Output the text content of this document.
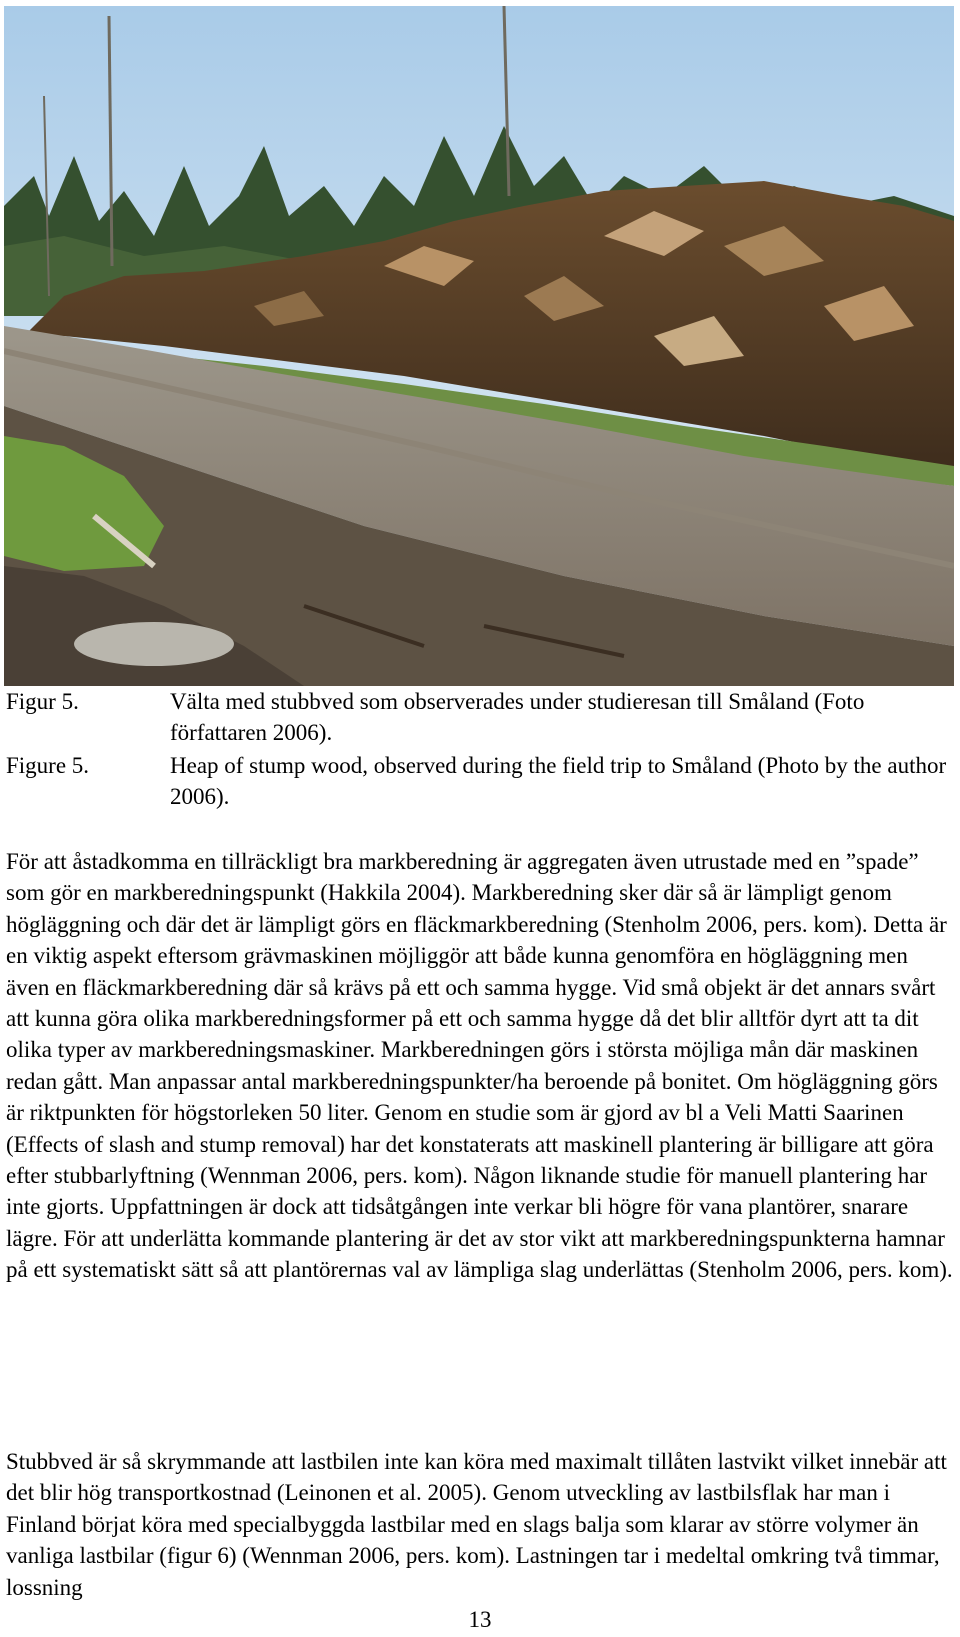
Figur 5.	Välta med stubbved som observerades under studieresan till Småland (Foto författaren 2006).
Figure 5.	Heap of stump wood, observed during the field trip to Småland (Photo by the author 2006).

För att åstadkomma en tillräckligt bra markberedning är aggregaten även utrustade med en ”spade” som gör en markberedningspunkt (Hakkila 2004). Markberedning sker där så är lämpligt genom högläggning och där det är lämpligt görs en fläckmarkberedning (Stenholm 2006, pers. kom). Detta är en viktig aspekt eftersom grävmaskinen möjliggör att både kunna genomföra en högläggning men även en fläckmarkberedning där så krävs på ett och samma hygge. Vid små objekt är det annars svårt att kunna göra olika markberedningsformer på ett och samma hygge då det blir alltför dyrt att ta dit olika typer av markberedningsmaskiner. Markberedningen görs i största möjliga mån där maskinen redan gått. Man anpassar antal markberedningspunkter/ha beroende på bonitet. Om högläggning görs är riktpunkten för högstorleken 50 liter. Genom en studie som är gjord av bl a Veli Matti Saarinen (Effects of slash and stump removal) har det konstaterats att maskinell plantering är billigare att göra efter stubbarlyftning (Wennman 2006, pers. kom). Någon liknande studie för manuell plantering har inte gjorts. Uppfattningen är dock att tidsåtgången inte verkar bli högre för vana plantörer, snarare lägre. För att underlätta kommande plantering är det av stor vikt att markberedningspunkterna hamnar på ett systematiskt sätt så att plantörernas val av lämpliga slag underlättas (Stenholm 2006, pers. kom).

Stubbved är så skrymmande att lastbilen inte kan köra med maximalt tillåten lastvikt vilket innebär att det blir hög transportkostnad (Leinonen et al. 2005). Genom utveckling av lastbilsflak har man i Finland börjat köra med specialbyggda lastbilar med en slags balja som klarar av större volymer än vanliga lastbilar (figur 6) (Wennman 2006, pers. kom). Lastningen tar i medeltal omkring två timmar, lossning

13
